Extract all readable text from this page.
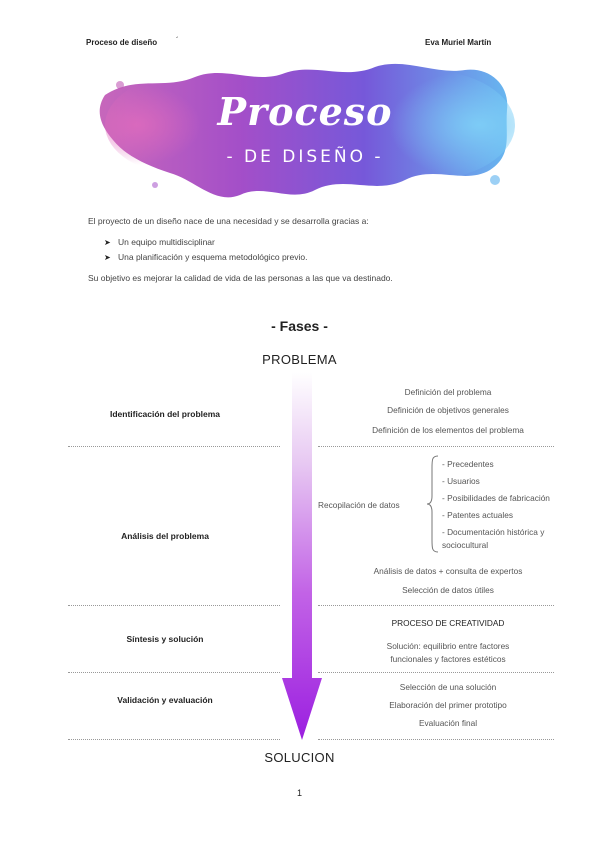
Proceso de diseño ´	Eva Muriel Martín
Proceso
- DE DISEÑO -
El proyecto de un diseño nace de una necesidad y se desarrolla gracias a:
➤ Un equipo multidisciplinar
➤ Una planificación y esquema metodológico previo.
Su objetivo es mejorar la calidad de vida de las personas a las que va destinado.
- Fases -
PROBLEMA
Identificación del problema
Definición del problema
Definición de objetivos generales
Definición de los elementos del problema
Análisis del problema
Recopilación de datos
- Precedentes
- Usuarios
- Posibilidades de fabricación
- Patentes actuales
- Documentación histórica y
sociocultural
Análisis de datos + consulta de expertos
Selección de datos útiles
Síntesis y solución
PROCESO DE CREATIVIDAD
Solución: equilibrio entre factores
funcionales y factores estéticos
Validación y evaluación
Selección de una solución
Elaboración del primer prototipo
Evaluación final
SOLUCION
1
